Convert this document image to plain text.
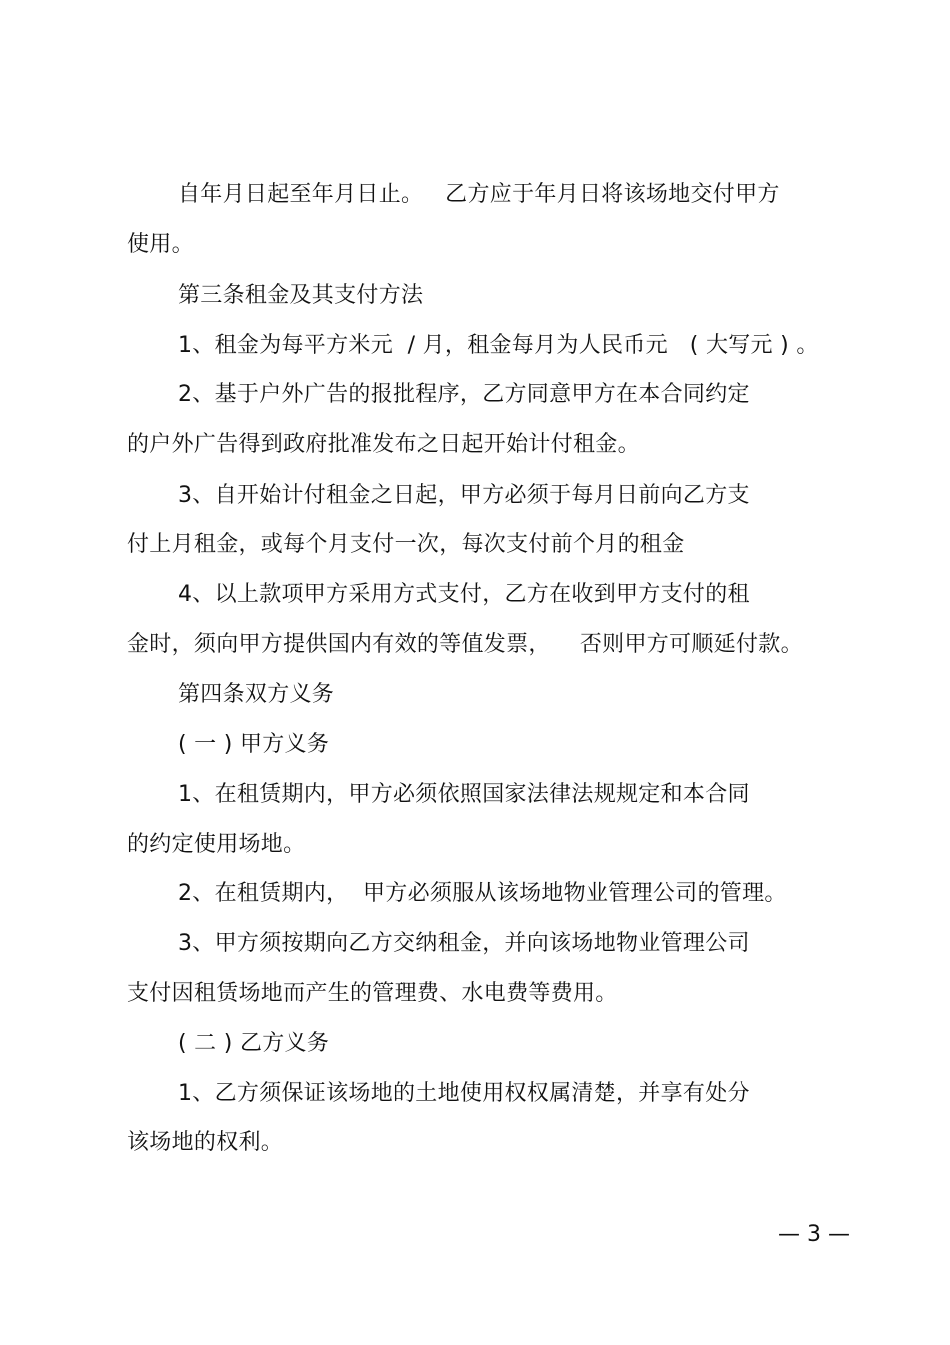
自年月日起至年月日止。   乙方应于年月日将该场地交付甲方
使用。
第三条租金及其支付方法
1、租金为每平方米元  / 月，租金每月为人民币元   ( 大写元 ) 。
2、基于户外广告的报批程序，乙方同意甲方在本合同约定
的户外广告得到政府批准发布之日起开始计付租金。
3、自开始计付租金之日起，甲方必须于每月日前向乙方支
付上月租金，或每个月支付一次，每次支付前个月的租金
4、以上款项甲方采用方式支付，乙方在收到甲方支付的租
金时，须向甲方提供国内有效的等值发票，    否则甲方可顺延付款。
第四条双方义务
( 一 ) 甲方义务
1、在租赁期内，甲方必须依照国家法律法规规定和本合同
的约定使用场地。
2、在租赁期内，  甲方必须服从该场地物业管理公司的管理。
3、甲方须按期向乙方交纳租金，并向该场地物业管理公司
支付因租赁场地而产生的管理费、水电费等费用。
( 二 ) 乙方义务
1、乙方须保证该场地的土地使用权权属清楚，并享有处分
该场地的权利。
— 3 —
